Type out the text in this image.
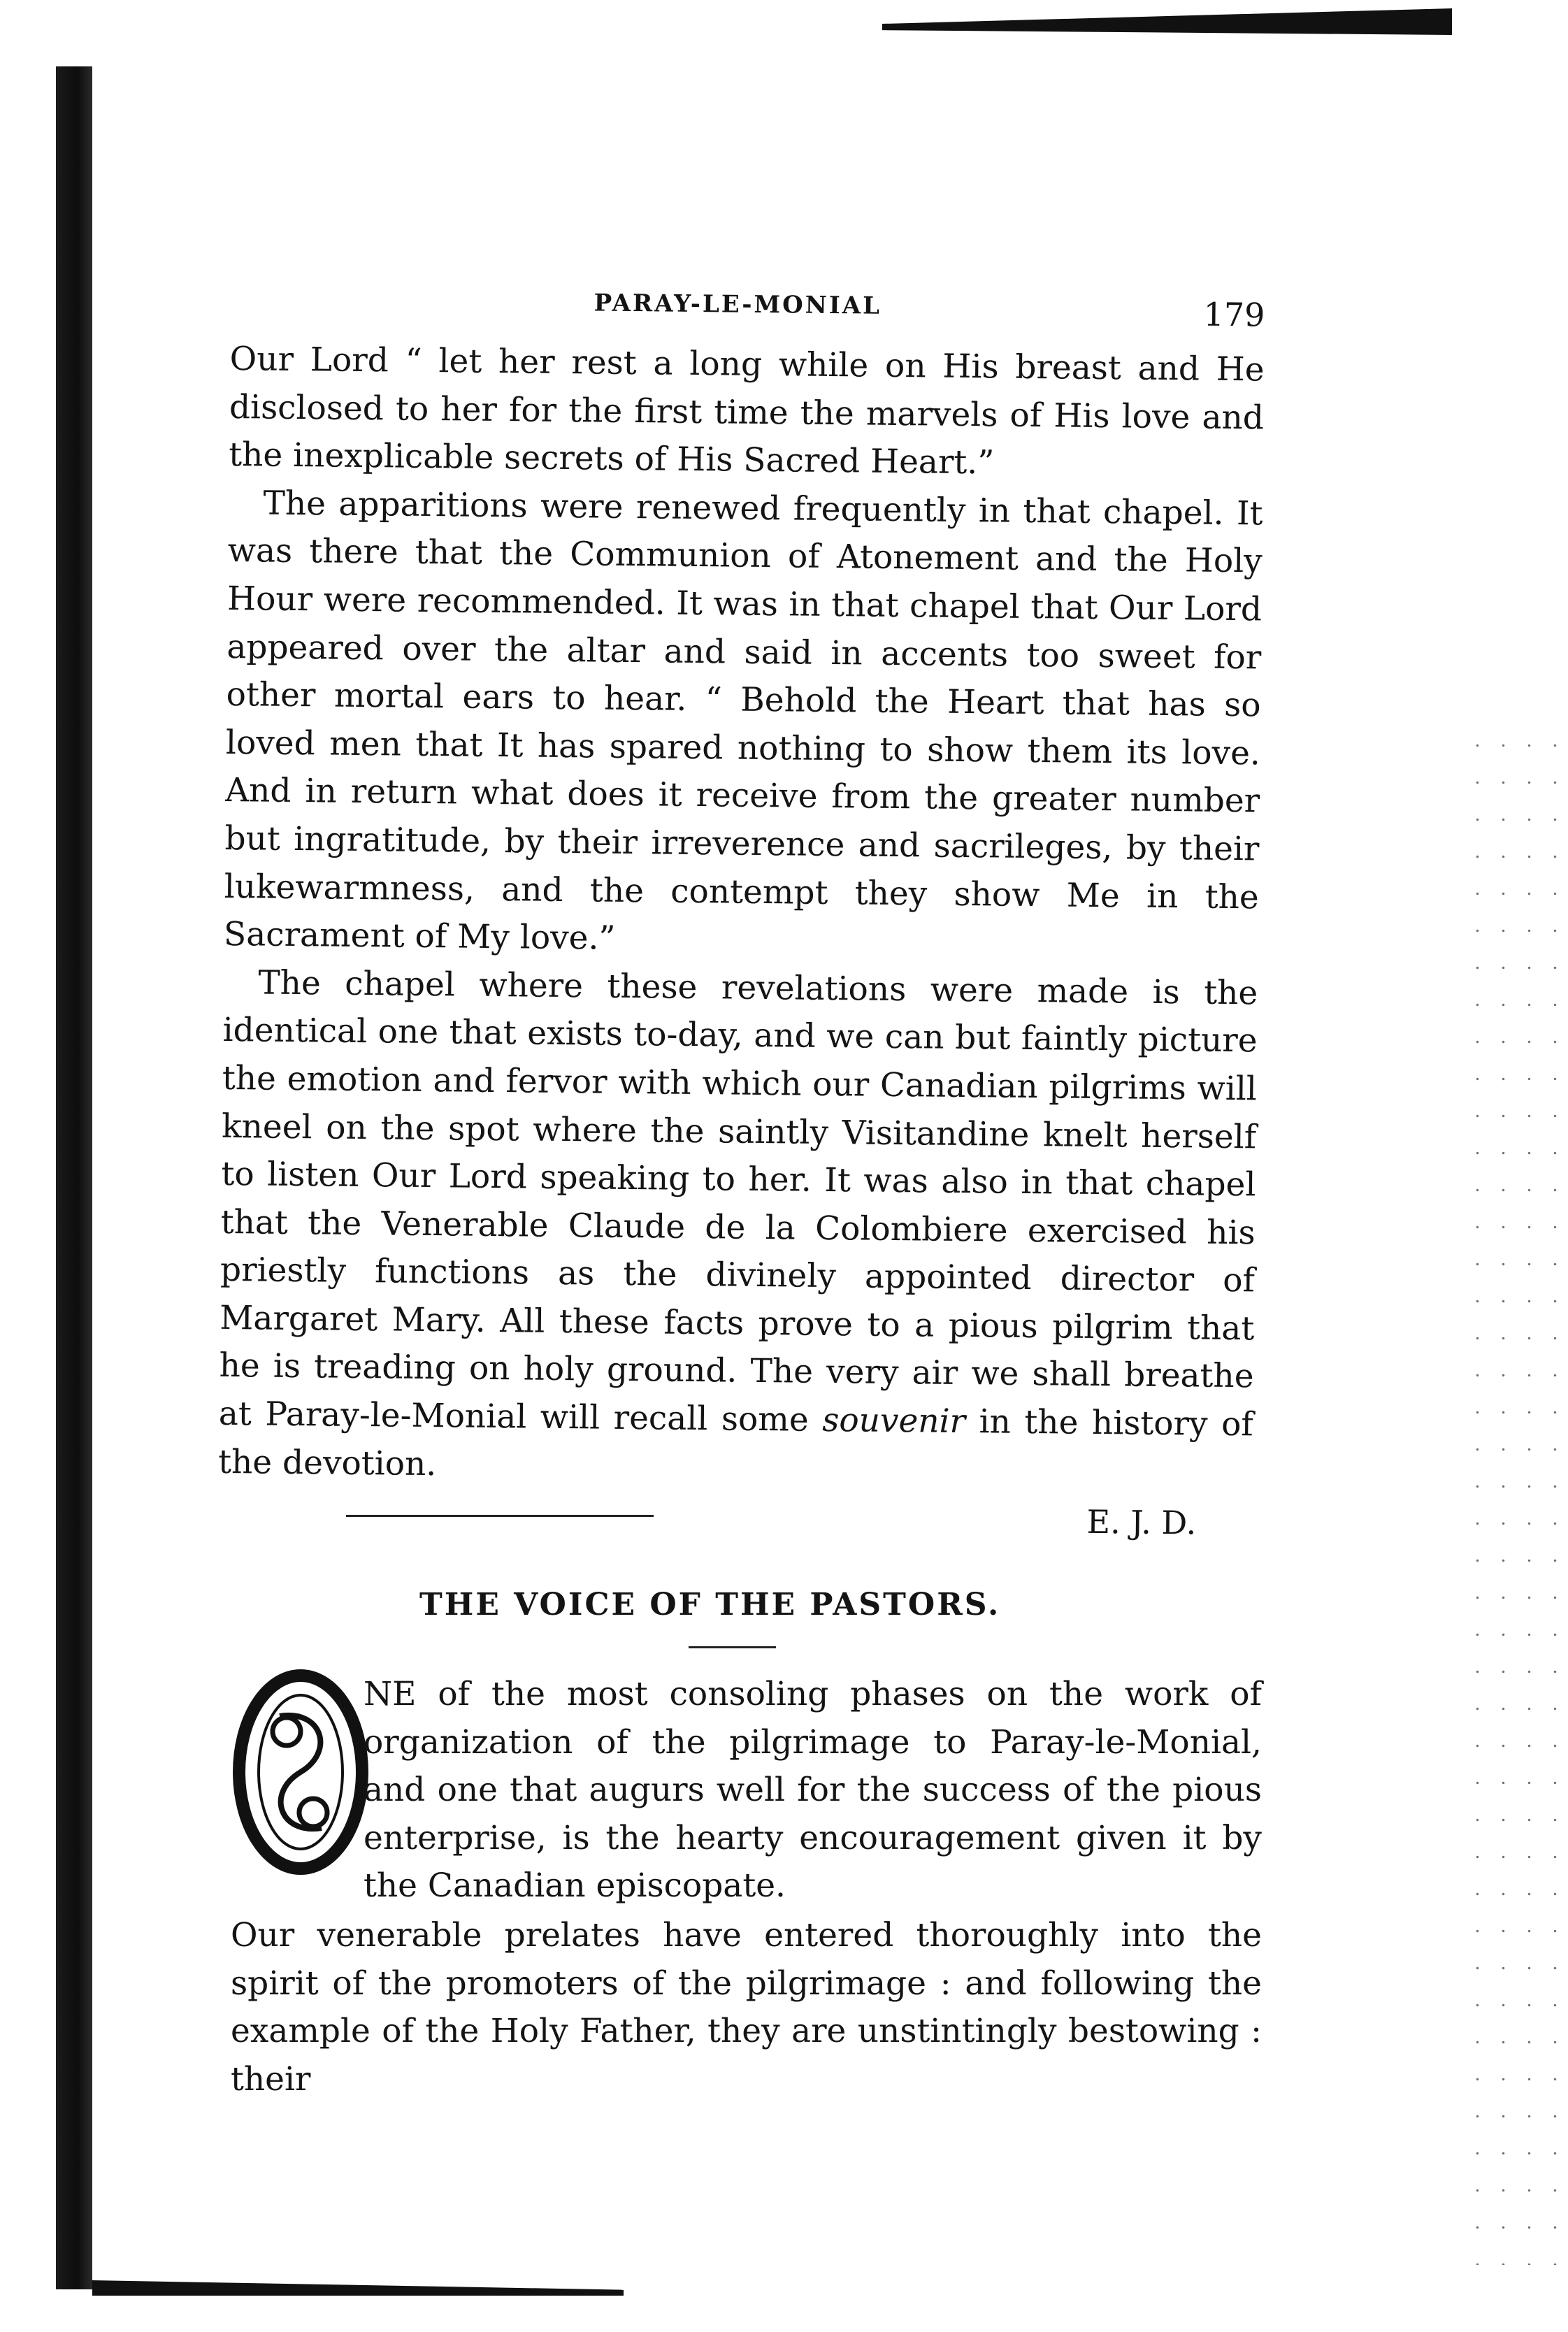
PARAY-LE-MONIAL	179

Our Lord “ let her rest a long while on His breast and He disclosed to her for the first time the marvels of His love and the inexplicable secrets of His Sacred Heart.”

The apparitions were renewed frequently in that chapel. It was there that the Communion of Atonement and the Holy Hour were recommended. It was in that chapel that Our Lord appeared over the altar and said in accents too sweet for other mortal ears to hear. “ Behold the Heart that has so loved men that It has spared nothing to show them its love. And in return what does it receive from the greater number but ingratitude, by their irreverence and sacrileges, by their lukewarmness, and the contempt they show Me in the Sacrament of My love.”

The chapel where these revelations were made is the identical one that exists to-day, and we can but faintly picture the emotion and fervor with which our Canadian pilgrims will kneel on the spot where the saintly Visitandine knelt herself to listen Our Lord speaking to her. It was also in that chapel that the Venerable Claude de la Colombiere exercised his priestly functions as the divinely appointed director of Margaret Mary. All these facts prove to a pious pilgrim that he is treading on holy ground. The very air we shall breathe at Paray-le-Monial will recall some souvenir in the history of the devotion.

E. J. D.
THE VOICE OF THE PASTORS.
NE of the most consoling phases on the work of organization of the pilgrimage to Paray-le-Monial, and one that augurs well for the success of the pious enterprise, is the hearty encouragement given it by the Canadian episcopate.
Our venerable prelates have entered thoroughly into the spirit of the promoters of the pilgrimage : and following the example of the Holy Father, they are unstintingly bestowing : their
